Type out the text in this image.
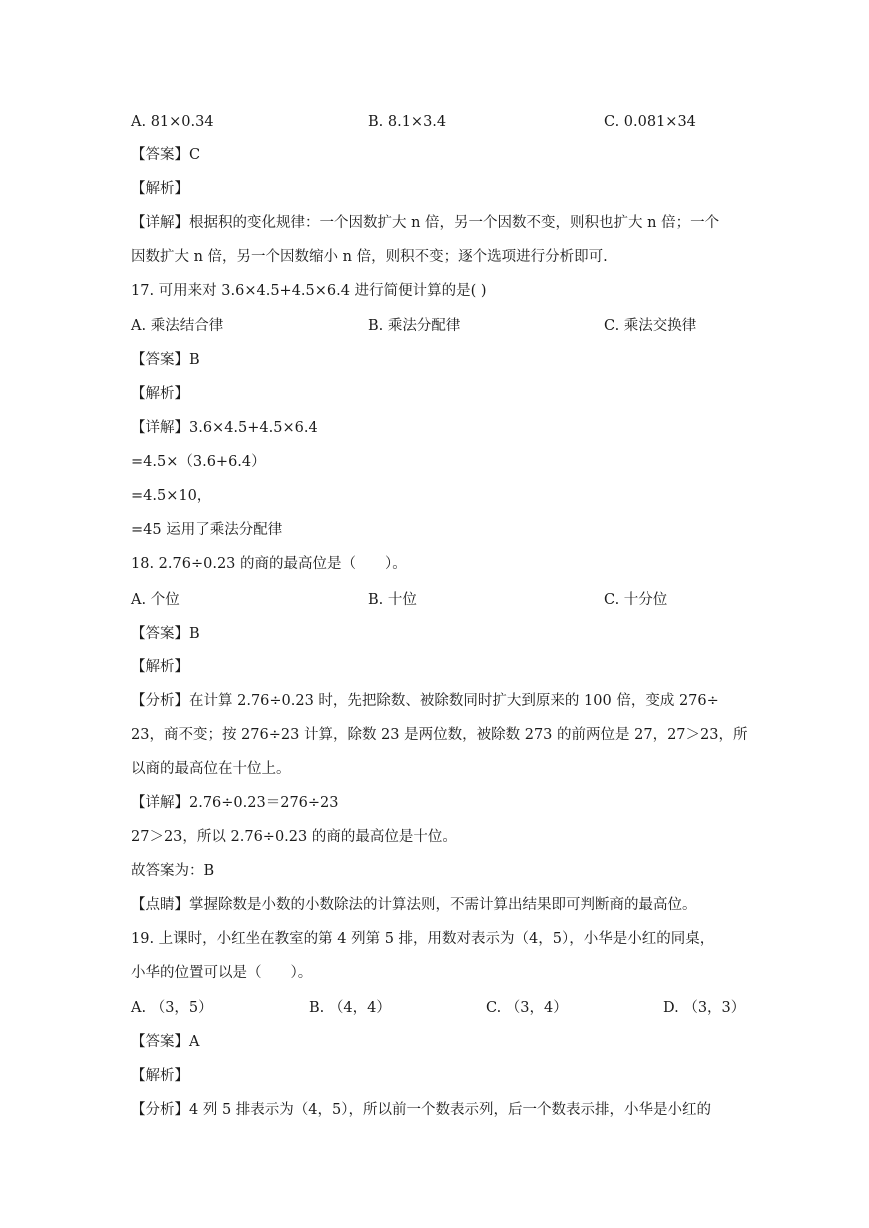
A. 81×0.34	B. 8.1×3.4	C. 0.081×34
【答案】C
【解析】
【详解】根据积的变化规律：一个因数扩大 n 倍，另一个因数不变，则积也扩大 n 倍；一个
因数扩大 n 倍，另一个因数缩小 n 倍，则积不变；逐个选项进行分析即可.
17. 可用来对 3.6×4.5+4.5×6.4 进行简便计算的是( )
A. 乘法结合律	B. 乘法分配律	C. 乘法交换律
【答案】B
【解析】
【详解】3.6×4.5+4.5×6.4
=4.5×（3.6+6.4）
=4.5×10，
=45 运用了乘法分配律
18. 2.76÷0.23 的商的最高位是（　　）。
A. 个位	B. 十位	C. 十分位
【答案】B
【解析】
【分析】在计算 2.76÷0.23 时，先把除数、被除数同时扩大到原来的 100 倍，变成 276÷
23，商不变；按 276÷23 计算，除数 23 是两位数，被除数 273 的前两位是 27，27＞23，所
以商的最高位在十位上。
【详解】2.76÷0.23＝276÷23
27＞23，所以 2.76÷0.23 的商的最高位是十位。
故答案为：B
【点睛】掌握除数是小数的小数除法的计算法则，不需计算出结果即可判断商的最高位。
19. 上课时，小红坐在教室的第 4 列第 5 排，用数对表示为（4，5），小华是小红的同桌，
小华的位置可以是（　　）。
A. （3，5）	B. （4，4）	C. （3，4）	D. （3，3）
【答案】A
【解析】
【分析】4 列 5 排表示为（4，5），所以前一个数表示列，后一个数表示排，小华是小红的
